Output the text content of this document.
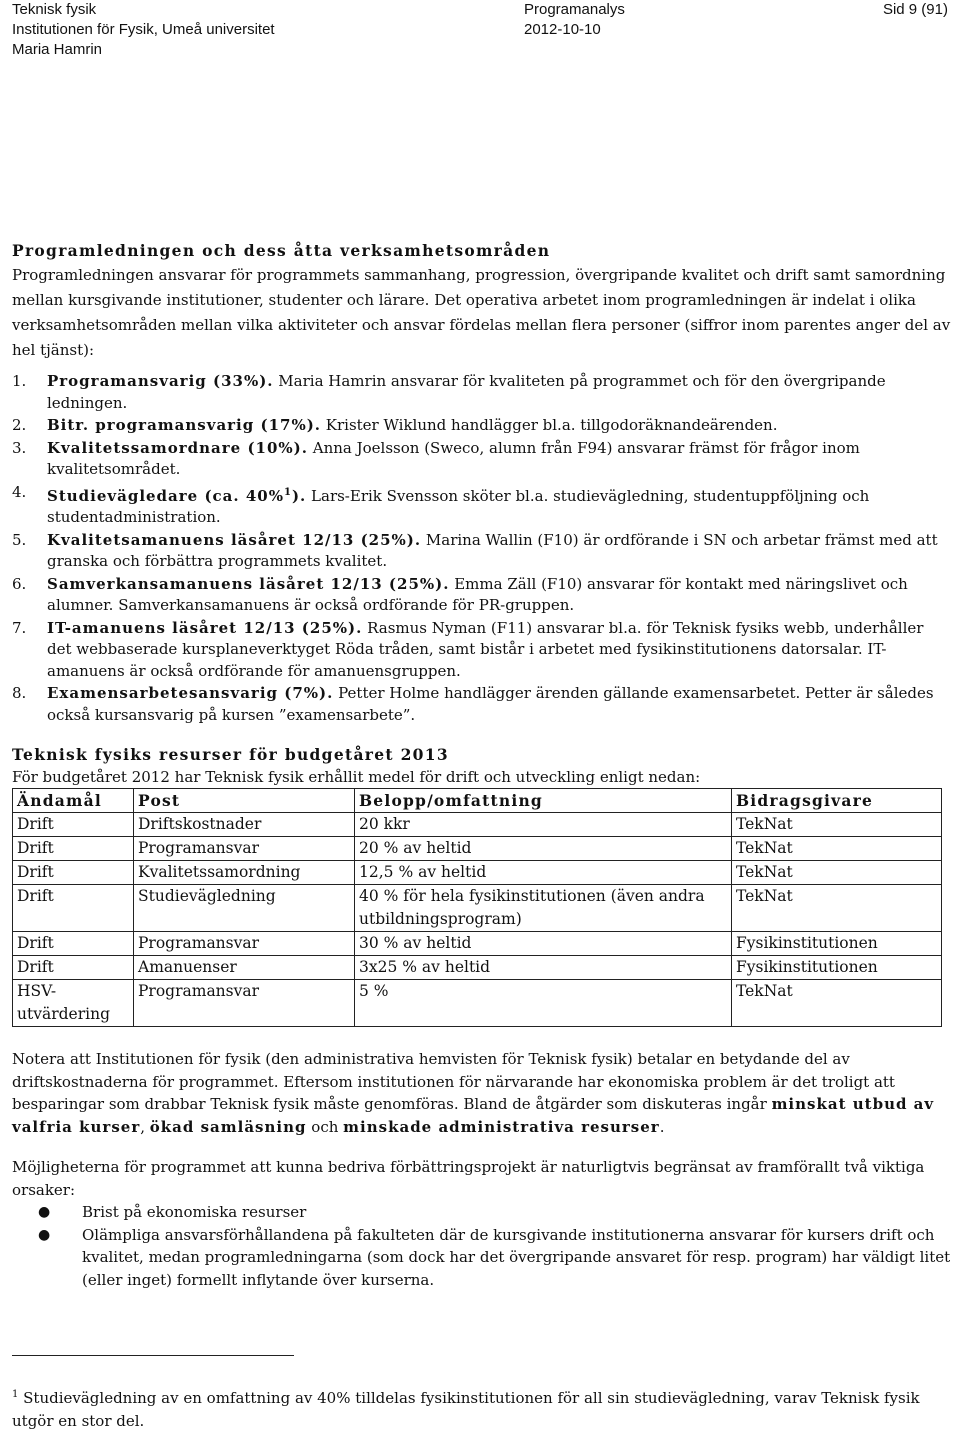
Teknisk fysik
Institutionen för Fysik, Umeå universitet
Maria Hamrin
Programanalys
2012-10-10
Sid 9 (91)
Programledningen och dess åtta verksamhetsområden

Programledningen ansvarar för programmets sammanhang, progression, övergripande kvalitet och drift samt samordning mellan kursgivande institutioner, studenter och lärare. Det operativa arbetet inom programledningen är indelat i olika verksamhetsområden mellan vilka aktiviteter och ansvar fördelas mellan flera personer (siffror inom parentes anger del av hel tjänst):

1. Programansvarig (33%). Maria Hamrin ansvarar för kvaliteten på programmet och för den övergripande ledningen.
2. Bitr. programansvarig (17%). Krister Wiklund handlägger bl.a. tillgodoräknandeärenden.
3. Kvalitetssamordnare (10%). Anna Joelsson (Sweco, alumn från F94) ansvarar främst för frågor inom kvalitetsområdet.
4. Studievägledare (ca. 40%$^1$). Lars-Erik Svensson sköter bl.a. studievägledning, studentuppföljning och studentadministration.
5. Kvalitetsamanuens läsåret 12/13 (25%). Marina Wallin (F10) är ordförande i SN och arbetar främst med att granska och förbättra programmets kvalitet.
6. Samverkansamanuens läsåret 12/13 (25%). Emma Zäll (F10) ansvarar för kontakt med näringslivet och alumner. Samverkansamanuens är också ordförande för PR-gruppen.
7. IT-amanuens läsåret 12/13 (25%). Rasmus Nyman (F11) ansvarar bl.a. för Teknisk fysiks webb, underhåller det webbaserade kursplaneverktyget Röda tråden, samt bistår i arbetet med fysikinstitutionens datorsalar. IT-amanuens är också ordförande för amanuensgruppen.
8. Examensarbetesansvarig (7%). Petter Holme handlägger ärenden gällande examensarbetet. Petter är således också kursansvarig på kursen ”examensarbete”.
Teknisk fysiks resurser för budgetåret 2013

För budgetåret 2012 har Teknisk fysik erhållit medel för drift och utveckling enligt nedan:

Ändamål	Post	Belopp/omfattning	Bidragsgivare
Drift	Driftskostnader	20 kkr	TekNat
Drift	Programansvar	20 % av heltid	TekNat
Drift	Kvalitetssamordning	12,5 % av heltid	TekNat
Drift	Studievägledning	40 % för hela fysikinstitutionen (även andra utbildningsprogram)	TekNat
Drift	Programansvar	30 % av heltid	Fysikinstitutionen
Drift	Amanuenser	3x25 % av heltid	Fysikinstitutionen
HSV-utvärdering	Programansvar	5 %	TekNat

Notera att Institutionen för fysik (den administrativa hemvisten för Teknisk fysik) betalar en betydande del av driftskostnaderna för programmet. Eftersom institutionen för närvarande har ekonomiska problem är det troligt att besparingar som drabbar Teknisk fysik måste genomföras. Bland de åtgärder som diskuteras ingår minskat utbud av valfria kurser, ökad samläsning och minskade administrativa resurser.

Möjligheterna för programmet att kunna bedriva förbättringsprojekt är naturligtvis begränsat av framförallt två viktiga orsaker:

● Brist på ekonomiska resurser
● Olämpliga ansvarsförhållandena på fakulteten där de kursgivande institutionerna ansvarar för kursers drift och kvalitet, medan programledningarna (som dock har det övergripande ansvaret för resp. program) har väldigt litet (eller inget) formellt inflytande över kurserna.
$^1$ Studievägledning av en omfattning av 40% tilldelas fysikinstitutionen för all sin studievägledning, varav Teknisk fysik utgör en stor del.
